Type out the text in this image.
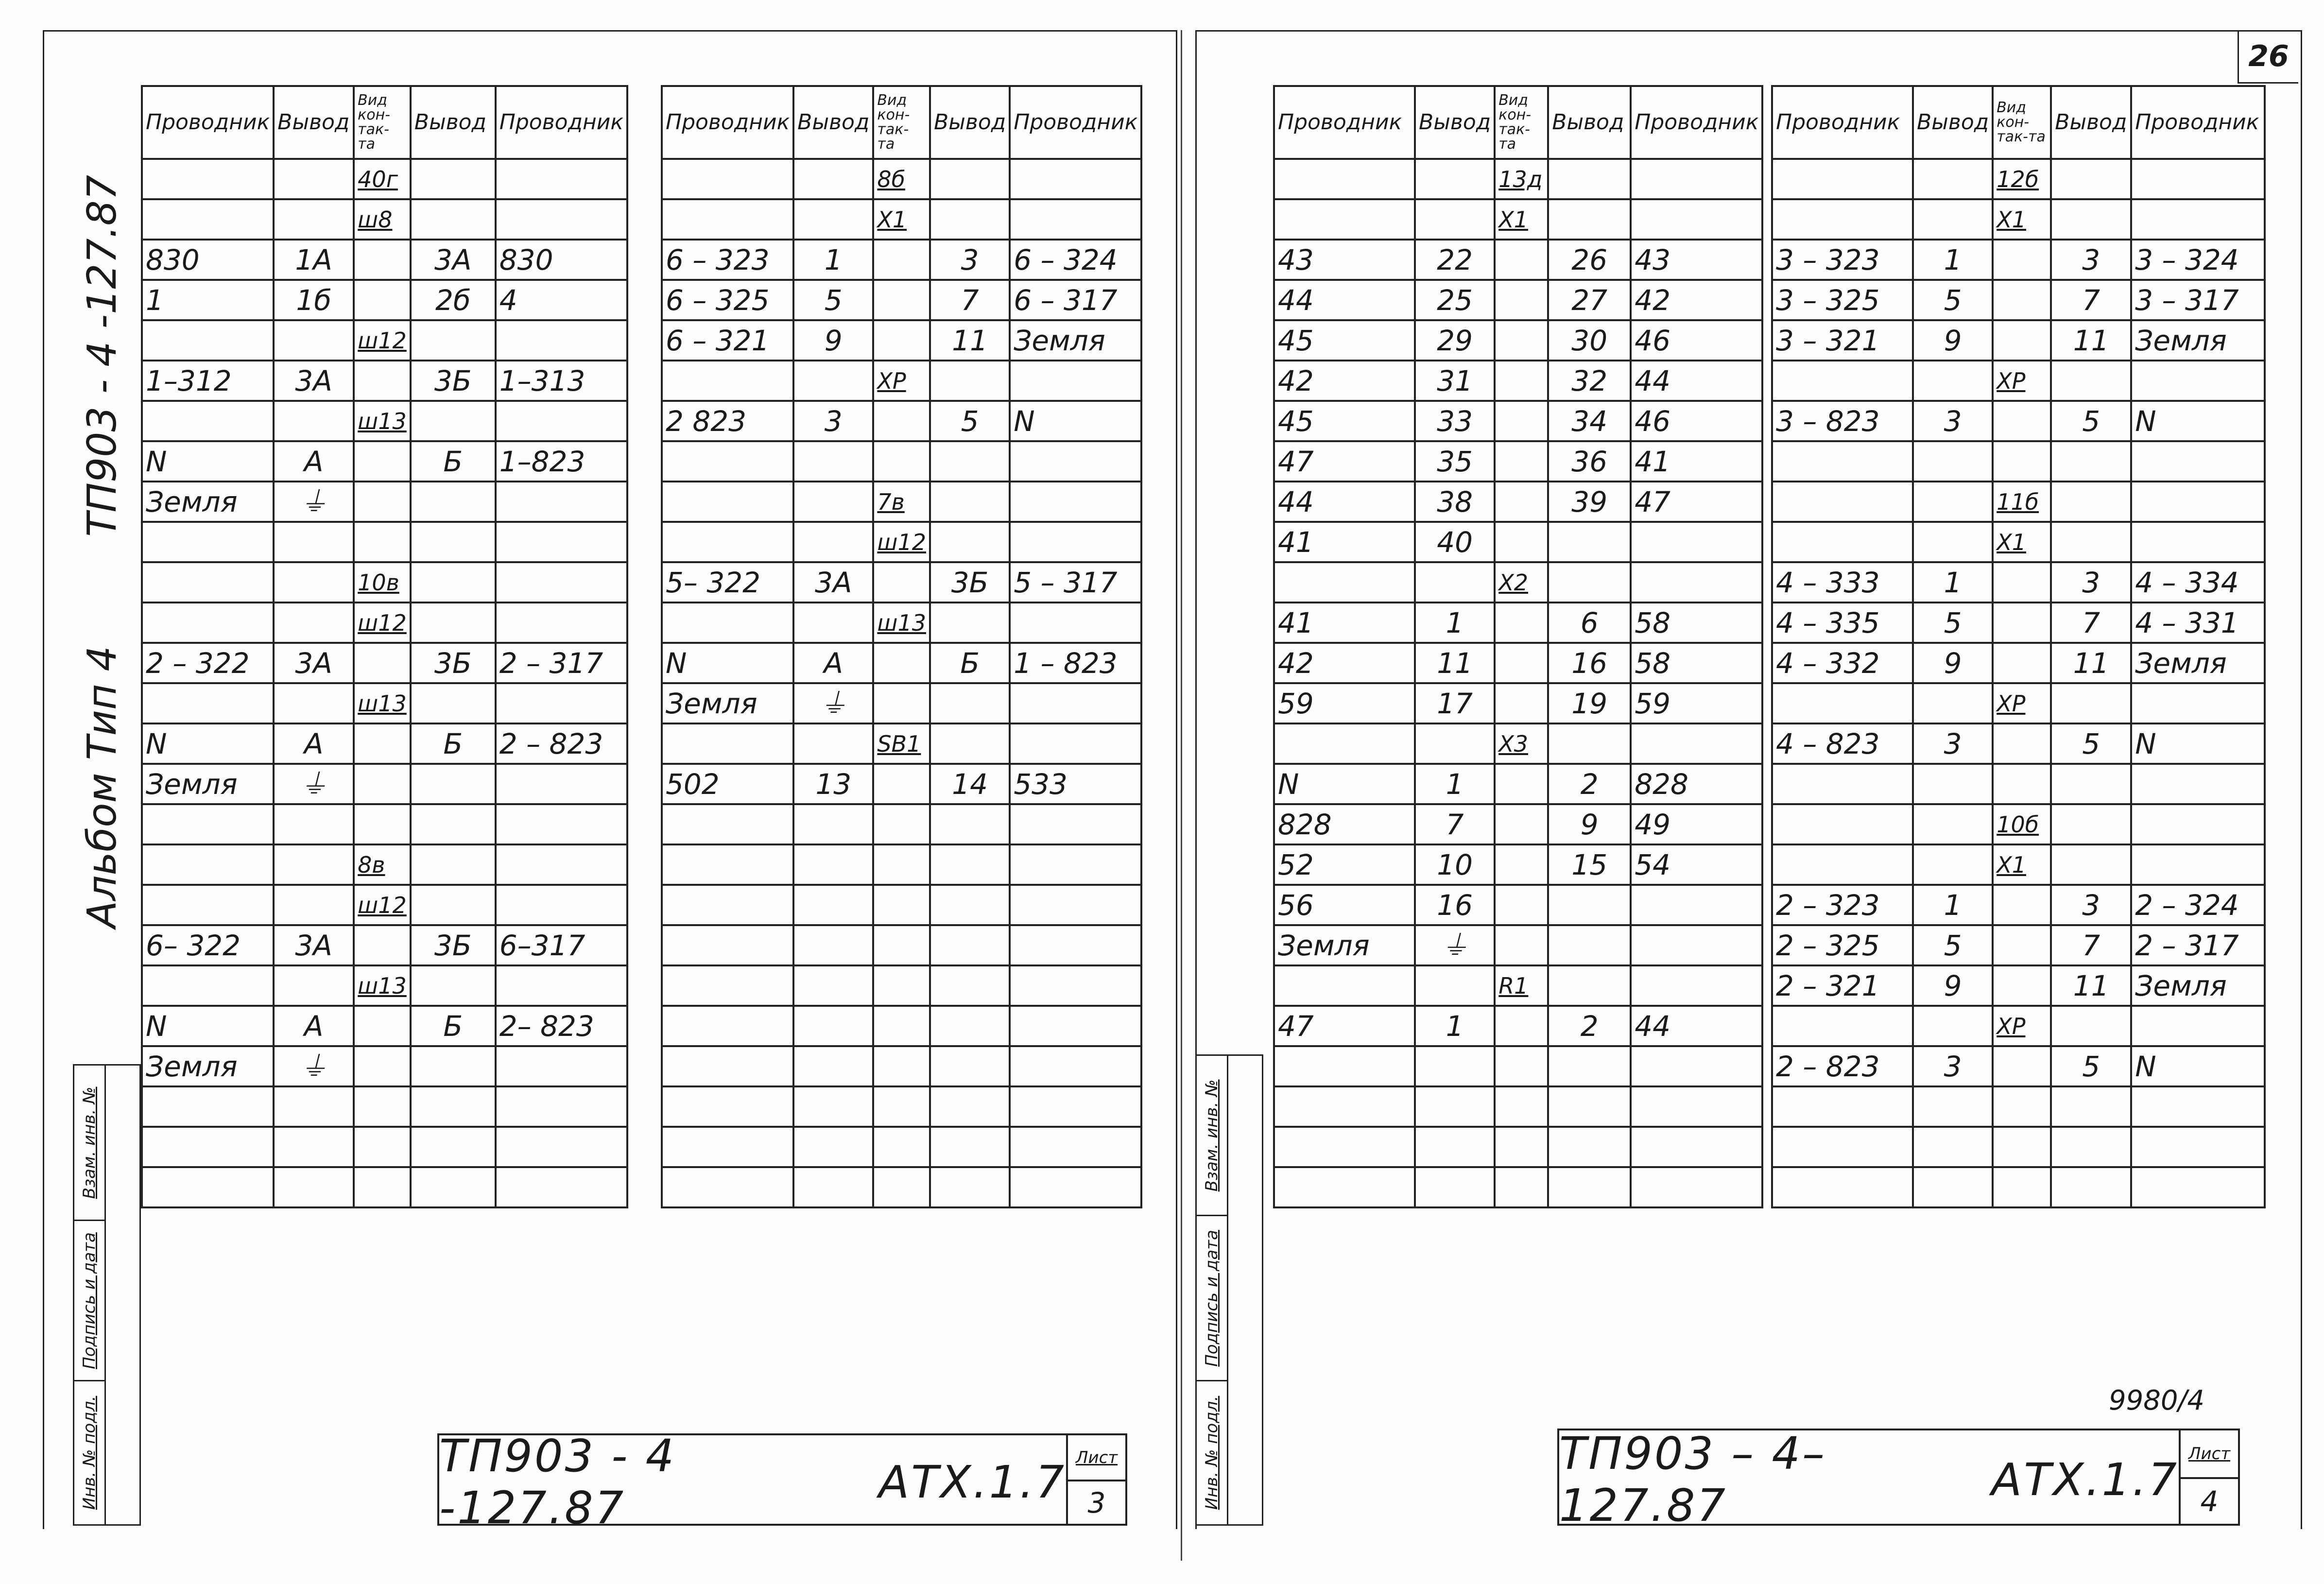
26
Альбом Тип 4
ТП903 - 4 -127.87
Взам. инв. №
Подпись и дата
Инв. № подл.
Взам. инв. №
Подпись и дата
Инв. № подл.
Проводник	Вывод	Вид кон-так-та	Вывод	Проводник
		40г		
		ш8		
830	1А		3А	830
1	1б		2б	4
		ш12		
1–312	3А		3Б	1–313
		ш13		
N	А		Б	1–823
Земля	⏚			

		10в		
		ш12		
2 – 322	3А		3Б	2 – 317
		ш13		
N	А		Б	2 – 823
Земля	⏚			

		8в		
		ш12		
6– 322	3А		3Б	6–317
		ш13		
N	А		Б	2– 823
Земля	⏚			

Проводник	Вывод	Вид кон-так-та	Вывод	Проводник
		8б		
		X1		
6 – 323	1		3	6 – 324
6 – 325	5		7	6 – 317
6 – 321	9		11	Земля
		XP		
2 823	3		5	N

		7в		
		ш12		
5– 322	3А		3Б	5 – 317
		ш13		
N	А		Б	1 – 823
Земля	⏚			
		SB1		
502	13		14	533

Проводник	Вывод	Вид кон-так-та	Вывод	Проводник
		13д		
		X1		
43	22		26	43
44	25		27	42
45	29		30	46
42	31		32	44
45	33		34	46
47	35		36	41
44	38		39	47
41	40			
		X2		
41	1		6	58
42	11		16	58
59	17		19	59
		X3		
N	1		2	828
828	7		9	49
52	10		15	54
56	16			
Земля	⏚			
		R1		
47	1		2	44

Проводник	Вывод	Вид кон-так-та	Вывод	Проводник
		12б		
		X1		
3 – 323	1		3	3 – 324
3 – 325	5		7	3 – 317
3 – 321	9		11	Земля
		XP		
3 – 823	3		5	N

		11б		
		X1		
4 – 333	1		3	4 – 334
4 – 335	5		7	4 – 331
4 – 332	9		11	Земля
		XP		
4 – 823	3		5	N

		10б		
		X1		
2 – 323	1		3	2 – 324
2 – 325	5		7	2 – 317
2 – 321	9		11	Земля
		XP		
2 – 823	3		5	N

ТП903 - 4 -127.87	АТХ.1.7 Лист
3
ТП903 – 4–127.87	АТХ.1.7 Лист
4
9980/4
